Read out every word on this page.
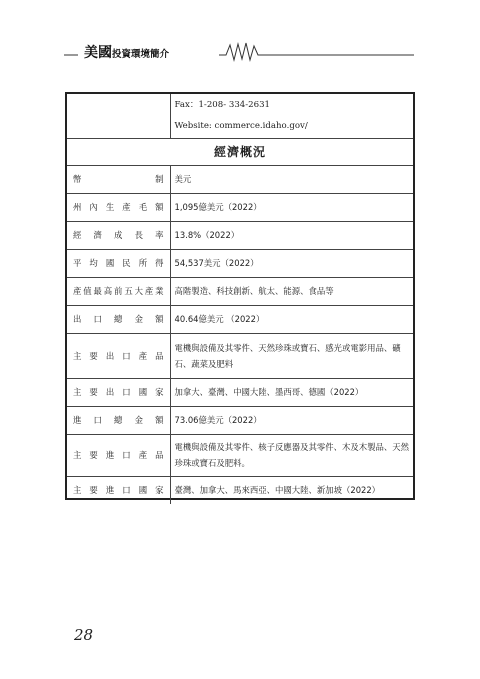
美國投資環境簡介

	Fax：1-208- 334-2631
Website: commerce.idaho.gov/

經濟概況	
幣制	美元
州內生產毛額	1,095億美元（2022）
經濟成長率	13.8%（2022）
平均國民所得	54,537美元（2022）
產值最高前五大產業	高階製造、科技創新、航太、能源、食品等
出口總金額	40.64億美元 （2022）
主要出口產品	電機與設備及其零件、天然珍珠或寶石、感光或電影用品、礦石、蔬菜及肥料
主要出口國家	加拿大、臺灣、中國大陸、墨西哥、德國（2022）
進口總金額	73.06億美元（2022）
主要進口產品	電機與設備及其零件、核子反應器及其零件、木及木製品、天然珍珠或寶石及肥料。
主要進口國家	臺灣、加拿大、馬來西亞、中國大陸、新加坡（2022）
28
